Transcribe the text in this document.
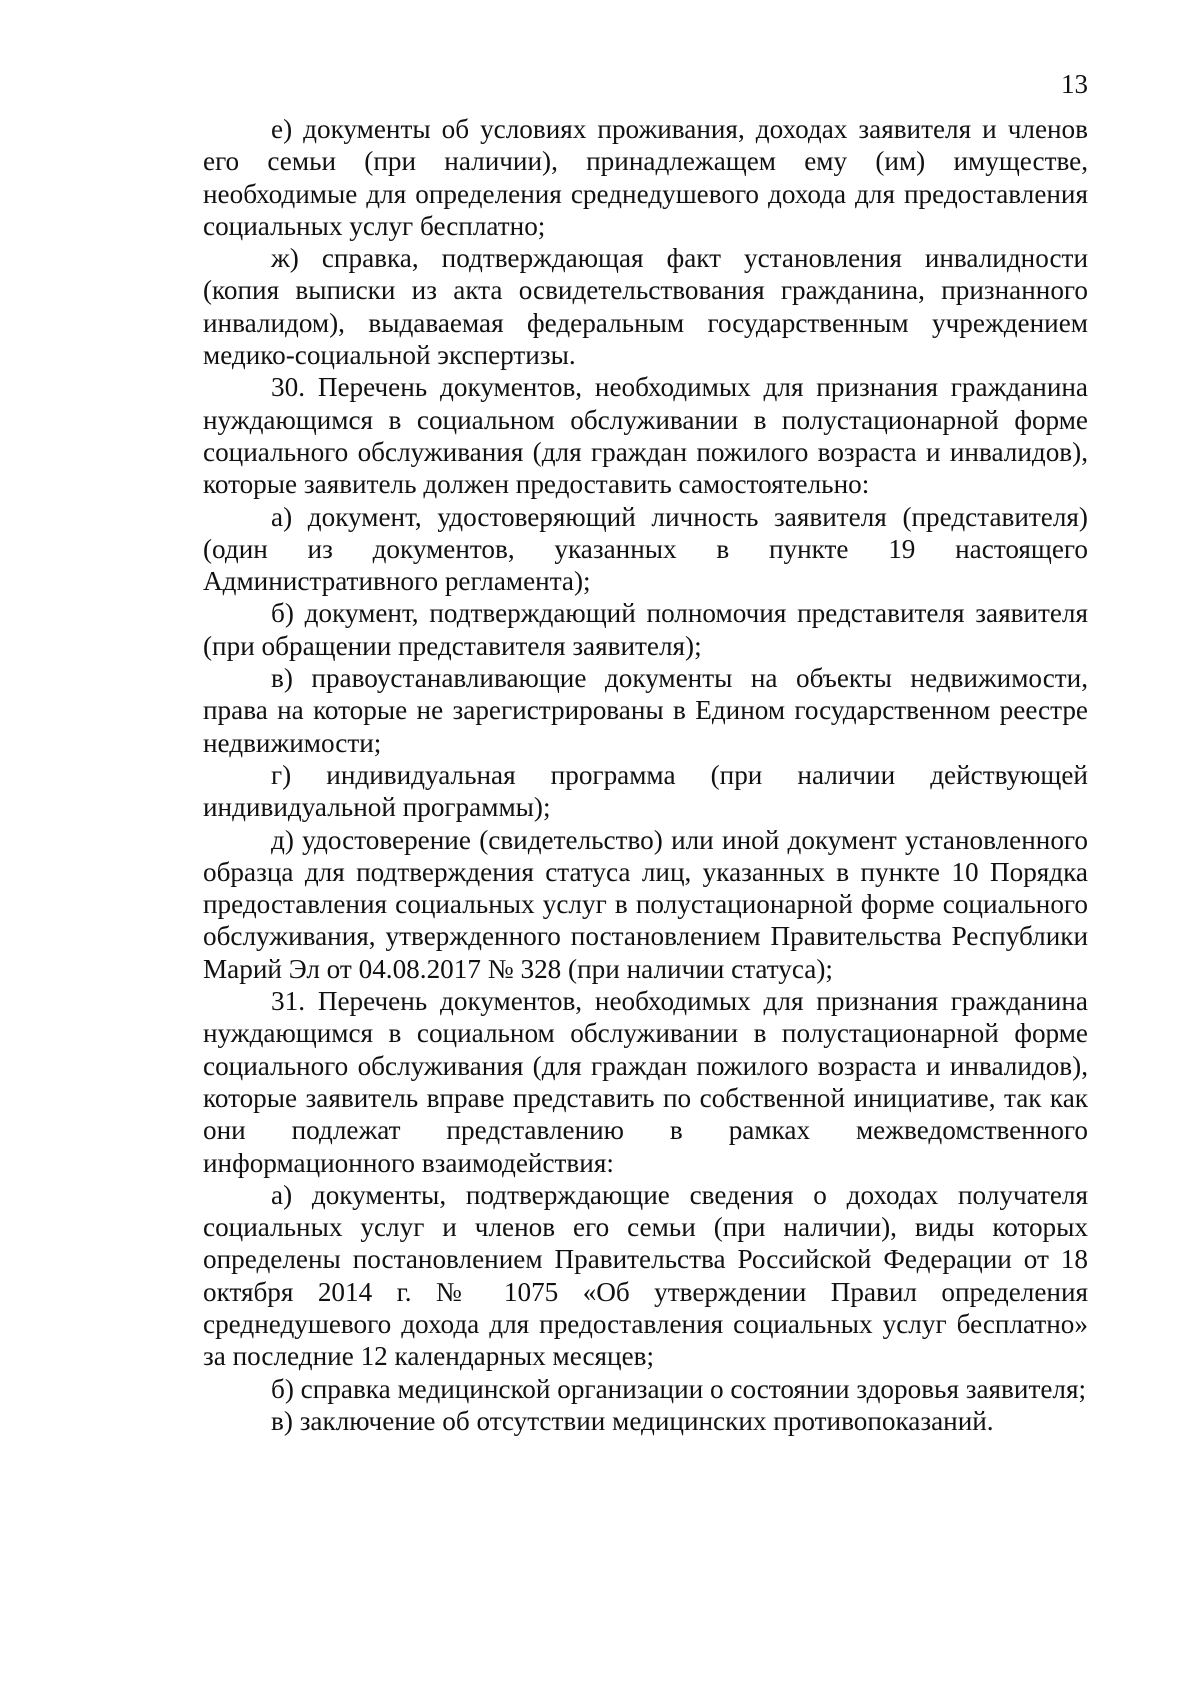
13

е) документы об условиях проживания, доходах заявителя и членов его семьи (при наличии), принадлежащем ему (им) имуществе, необходимые для определения среднедушевого дохода для предоставления социальных услуг бесплатно;

ж) справка, подтверждающая факт установления инвалидности (копия выписки из акта освидетельствования гражданина, признанного инвалидом), выдаваемая федеральным государственным учреждением медико-социальной экспертизы.

30. Перечень документов, необходимых для признания гражданина нуждающимся в социальном обслуживании в полустационарной форме социального обслуживания (для граждан пожилого возраста и инвалидов), которые заявитель должен предоставить самостоятельно:

а) документ, удостоверяющий личность заявителя (представителя) (один из документов, указанных в пункте 19 настоящего Административного регламента);

б) документ, подтверждающий полномочия представителя заявителя (при обращении представителя заявителя);

в) правоустанавливающие документы на объекты недвижимости, права на которые не зарегистрированы в Едином государственном реестре недвижимости;

г) индивидуальная программа (при наличии действующей индивидуальной программы);

д) удостоверение (свидетельство) или иной документ установленного образца для подтверждения статуса лиц, указанных в пункте 10 Порядка предоставления социальных услуг в полустационарной форме социального обслуживания, утвержденного постановлением Правительства Республики Марий Эл от 04.08.2017 № 328 (при наличии статуса);

31. Перечень документов, необходимых для признания гражданина нуждающимся в социальном обслуживании в полустационарной форме социального обслуживания (для граждан пожилого возраста и инвалидов), которые заявитель вправе представить по собственной инициативе, так как они подлежат представлению в рамках межведомственного информационного взаимодействия:

а) документы, подтверждающие сведения о доходах получателя социальных услуг и членов его семьи (при наличии), виды которых определены постановлением Правительства Российской Федерации от 18 октября 2014 г. № 1075 «Об утверждении Правил определения среднедушевого дохода для предоставления социальных услуг бесплатно» за последние 12 календарных месяцев;

б) справка медицинской организации о состоянии здоровья заявителя;

в) заключение об отсутствии медицинских противопоказаний.
